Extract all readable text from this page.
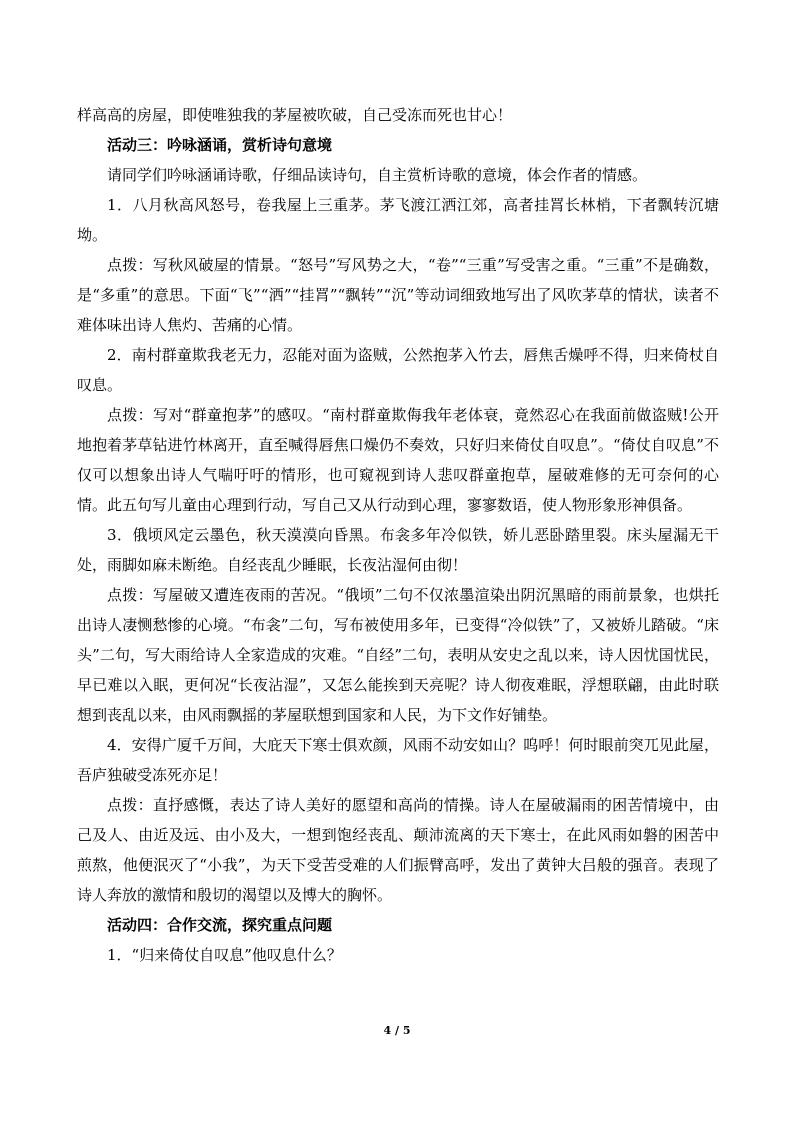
样高高的房屋，即使唯独我的茅屋被吹破，自己受冻而死也甘心！

活动三：吟咏涵诵，赏析诗句意境

请同学们吟咏涵诵诗歌，仔细品读诗句，自主赏析诗歌的意境，体会作者的情感。

1．八月秋高风怒号，卷我屋上三重茅。茅飞渡江洒江郊，高者挂罥长林梢，下者飘转沉塘坳。

点拨：写秋风破屋的情景。“怒号”写风势之大，“卷”“三重”写受害之重。“三重”不是确数，是“多重”的意思。下面“飞”“洒”“挂罥”“飘转”“沉”等动词细致地写出了风吹茅草的情状，读者不难体味出诗人焦灼、苦痛的心情。

2．南村群童欺我老无力，忍能对面为盗贼，公然抱茅入竹去，唇焦舌燥呼不得，归来倚杖自叹息。

点拨：写对“群童抱茅”的感叹。“南村群童欺侮我年老体衰，竟然忍心在我面前做盗贼!公开地抱着茅草钻进竹林离开，直至喊得唇焦口燥仍不奏效，只好归来倚仗自叹息”。“倚仗自叹息”不仅可以想象出诗人气喘吁吁的情形，也可窥视到诗人悲叹群童抱草，屋破难修的无可奈何的心情。此五句写儿童由心理到行动，写自己又从行动到心理，寥寥数语，使人物形象形神俱备。

3．俄顷风定云墨色，秋天漠漠向昏黑。布衾多年冷似铁，娇儿恶卧踏里裂。床头屋漏无干处，雨脚如麻未断绝。自经丧乱少睡眠，长夜沾湿何由彻！

点拨：写屋破又遭连夜雨的苦况。“俄顷”二句不仅浓墨渲染出阴沉黑暗的雨前景象，也烘托出诗人凄恻愁惨的心境。“布衾”二句，写布被使用多年，已变得“冷似铁”了，又被娇儿踏破。“床头”二句，写大雨给诗人全家造成的灾难。“自经”二句，表明从安史之乱以来，诗人因忧国忧民，早已难以入眠，更何况“长夜沾湿”，又怎么能挨到天亮呢？诗人彻夜难眠，浮想联翩，由此时联想到丧乱以来，由风雨飘摇的茅屋联想到国家和人民，为下文作好铺垫。

4．安得广厦千万间，大庇天下寒士俱欢颜，风雨不动安如山？呜呼！何时眼前突兀见此屋，吾庐独破受冻死亦足！

点拨：直抒感慨，表达了诗人美好的愿望和高尚的情操。诗人在屋破漏雨的困苦情境中，由己及人、由近及远、由小及大，一想到饱经丧乱、颠沛流离的天下寒士，在此风雨如磐的困苦中煎熬，他便泯灭了“小我”，为天下受苦受难的人们振臂高呼，发出了黄钟大吕般的强音。表现了诗人奔放的激情和殷切的渴望以及博大的胸怀。

活动四：合作交流，探究重点问题

1．“归来倚仗自叹息”他叹息什么？

4 / 5
